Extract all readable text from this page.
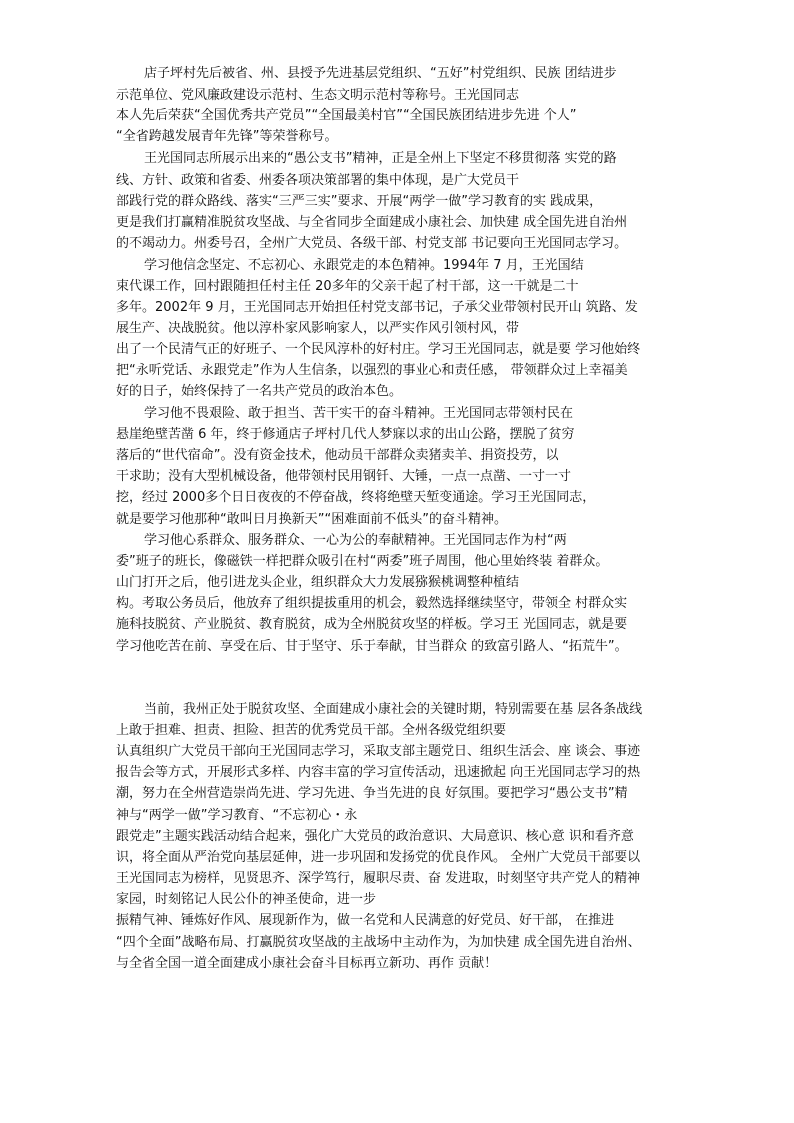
店子坪村先后被省、州、县授予先进基层党组织、“五好”村党组织、民族 团结进步
示范单位、党风廉政建设示范村、生态文明示范村等称号。王光国同志
本人先后荣获“全国优秀共产党员”“全国最美村官”“全国民族团结进步先进 个人”
“全省跨越发展青年先锋”等荣誉称号。
王光国同志所展示出来的“愚公支书”精神，正是全州上下坚定不移贯彻落 实党的路
线、方针、政策和省委、州委各项决策部署的集中体现，是广大党员干
部践行党的群众路线、落实“三严三实”要求、开展“两学一做”学习教育的实 践成果，
更是我们打赢精准脱贫攻坚战、与全省同步全面建成小康社会、加快建 成全国先进自治州
的不竭动力。州委号召，全州广大党员、各级干部、村党支部 书记要向王光国同志学习。
学习他信念坚定、不忘初心、永跟党走的本色精神。1994年 7 月，王光国结
束代课工作，回村跟随担任村主任 20多年的父亲干起了村干部，这一干就是二十
多年。2002年 9 月，王光国同志开始担任村党支部书记，子承父业带领村民开山 筑路、发
展生产、决战脱贫。他以淳朴家风影响家人，以严实作风引领村风，带
出了一个民清气正的好班子、一个民风淳朴的好村庄。学习王光国同志，就是要 学习他始终
把“永听党话、永跟党走”作为人生信条，以强烈的事业心和责任感， 带领群众过上幸福美
好的日子，始终保持了一名共产党员的政治本色。
学习他不畏艰险、敢于担当、苦干实干的奋斗精神。王光国同志带领村民在
悬崖绝壁苦凿 6 年，终于修通店子坪村几代人梦寐以求的出山公路，摆脱了贫穷
落后的“世代宿命”。没有资金技术，他动员干部群众卖猪卖羊、捐资投劳，以
干求助；没有大型机械设备，他带领村民用钢钎、大锤，一点一点凿、一寸一寸
挖，经过 2000多个日日夜夜的不停奋战，终将绝壁天堑变通途。学习王光国同志，
就是要学习他那种“敢叫日月换新天”“困难面前不低头”的奋斗精神。
学习他心系群众、服务群众、一心为公的奉献精神。王光国同志作为村“两
委”班子的班长，像磁铁一样把群众吸引在村“两委”班子周围，他心里始终装 着群众。
山门打开之后，他引进龙头企业，组织群众大力发展猕猴桃调整种植结
构。考取公务员后，他放弃了组织提拔重用的机会，毅然选择继续坚守，带领全 村群众实
施科技脱贫、产业脱贫、教育脱贫，成为全州脱贫攻坚的样板。学习王 光国同志，就是要
学习他吃苦在前、享受在后、甘于坚守、乐于奉献，甘当群众 的致富引路人、“拓荒牛”。
当前，我州正处于脱贫攻坚、全面建成小康社会的关键时期，特别需要在基 层各条战线
上敢于担难、担责、担险、担苦的优秀党员干部。全州各级党组织要
认真组织广大党员干部向王光国同志学习，采取支部主题党日、组织生活会、座 谈会、事迹
报告会等方式，开展形式多样、内容丰富的学习宣传活动，迅速掀起 向王光国同志学习的热
潮，努力在全州营造崇尚先进、学习先进、争当先进的良 好氛围。要把学习“愚公支书”精
神与“两学一做”学习教育、“不忘初心・永
跟党走”主题实践活动结合起来，强化广大党员的政治意识、大局意识、核心意 识和看齐意
识，将全面从严治党向基层延伸，进一步巩固和发扬党的优良作风。 全州广大党员干部要以
王光国同志为榜样，见贤思齐、深学笃行，履职尽责、奋 发进取，时刻坚守共产党人的精神
家园，时刻铭记人民公仆的神圣使命，进一步
振精气神、锤炼好作风、展现新作为，做一名党和人民满意的好党员、好干部， 在推进
“四个全面”战略布局、打赢脱贫攻坚战的主战场中主动作为，为加快建 成全国先进自治州、
与全省全国一道全面建成小康社会奋斗目标再立新功、再作 贡献！
